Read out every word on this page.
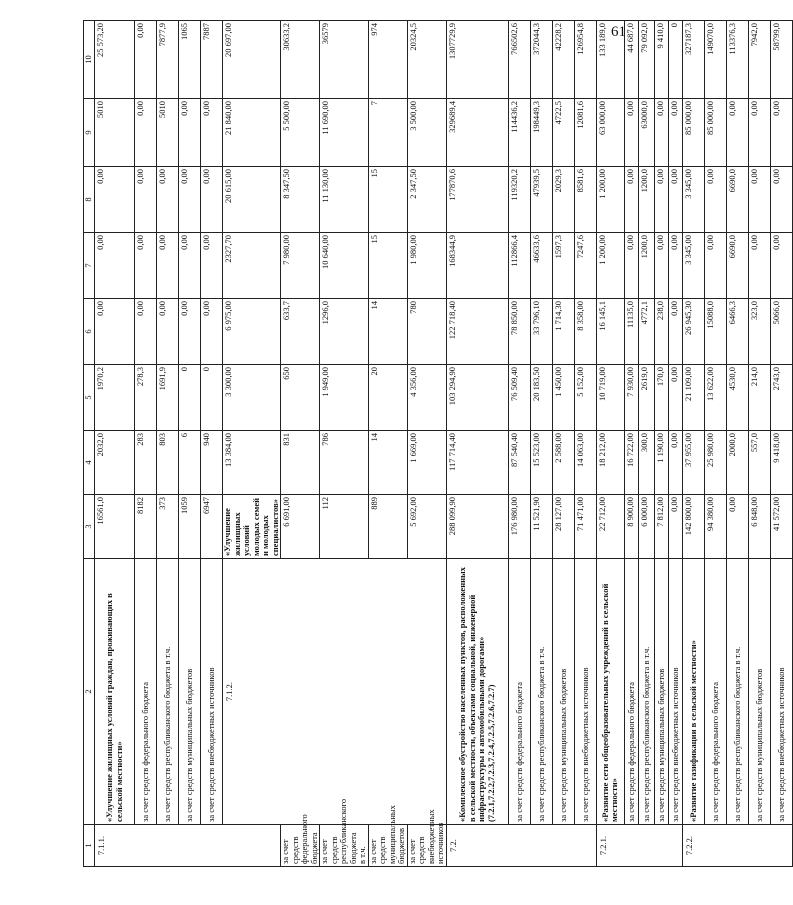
61
1	2	3	4	5	6	7	8	9	10	
7.1.1.	«Улучшение жилищных условий граждан, проживающих в сельской местности»	16561,0	2032,0	1970,2	0,00	0,00	0,00	5010	25 573,20	
	за счет средств федерального бюджета	8182	283	278,3	0,00	0,00	0,00	0,00	0,00	
	за счет средств республиканского бюджета в т.ч.	373	803	1691,9	0,00	0,00	0,00	5010	7877,9	
	за счет средств муниципальных бюджетов	1059	6	0	0,00	0,00	0,00	0,00	1065	
	за счет средств внебюджетных источников	6947	940	0	0,00	0,00	0,00	0,00	7887	
	7.1.2.	«Улучшение жилищных условий молодых семей и молодых специалистов»	13 384,00	3 300,00	6 975,00	2327,70	20 615,00	21 840,00	20 697,00	
за счет средств федерального бюджета		6 691,00	831	650	633,7	7 980,00	8 347,50	5 500,00	30633,2	
за счет средств республиканского бюджета в т.ч.		112	786	1 949,00	1296,0	10 640,00	11 130,00	11 690,00	36579	
за счет средств муниципальных бюджетов		889	14	20	14	15	15	7	974	
за счет средств внебюджетных источников		5 692,00	1 669,00	4 356,00	780	1 980,00	2 347,50	3 500,00	20324,5	
7.2.	«Комплексное обустройство населенных пунктов, расположенных в сельской местности, объектами социальной, инженерной инфраструктуры и автомобильными дорогами» (7.2.1,7.2.2,7.2.3,7.2.4,7.2.5,7.2.6,7.2.7)	288 099,90	117 714,40	103 294,90	122 718,40	168344,9	177870,6	329689,4	1307729,9	
	за счет средств федерального бюджета	176 980,00	87 540,40	76 509,40	78 850,00	112866,4	119320,2	114436,2	766502,6	
	за счет средств республиканского бюджета в т.ч.	11 521,90	15 523,00	20 183,50	33 796,10	46633,6	47939,5	198449,3	372044,3	
	за счет средств муниципальных бюджетов	28 127,00	2 588,00	1 450,00	1 714,30	1597,3	2029,3	4722,5	42228,2	
	за счет средств внебюджетных источников	71 471,00	14 063,00	5 152,00	8 358,00	7247,6	8581,6	12081,6	126954,8	
7.2.1.	«Развитие сети общеобразовательных учреждений в сельской местности»	22 712,00	18 212,00	10 719,00	16 145,1	1 200,00	1 200,00	63 000,00	133 189,0	
	за счет средств федерального бюджета	8 900,00	16 722,00	7 930,00	11135,0	0,00	0,00	0,00	44 687,0	
	за счет средств республиканского бюджета в т.ч.	6 000,00	300,0	2619,0	4772,1	1200,0	1200,0	63000,0	79 092,0	
	за счет средств муниципальных бюджетов	7 812,00	1 190,00	170,0	238,0	0,00	0,00	0,00	9 410,0	
	за счет средств внебюджетных источников	0,00	0,00	0,00	0,00	0,00	0,00	0,00	0	
7.2.2.	«Развитие газификации в сельской местности»	142 800,00	37 955,00	21 109,00	26 945,30	3 345,00	3 345,00	85 000,00	327187,3	
	за счет средств федерального бюджета	94 380,00	25 980,00	13 622,00	15088,0	0,00	0,00	85 000,00	149070,0	
	за счет средств республиканского бюджета в т.ч.	0,00	2000,0	4530,0	6466,3	6690,0	6690,0	0,00	113376,3	
	за счет средств муниципальных бюджетов	6 848,00	557,0	214,0	323,0	0,00	0,00	0,00	7942,0	
	за счет средств внебюджетных источников	41 572,00	9 418,00	2743,0	5066,0	0,00	0,00	0,00	58799,0	
